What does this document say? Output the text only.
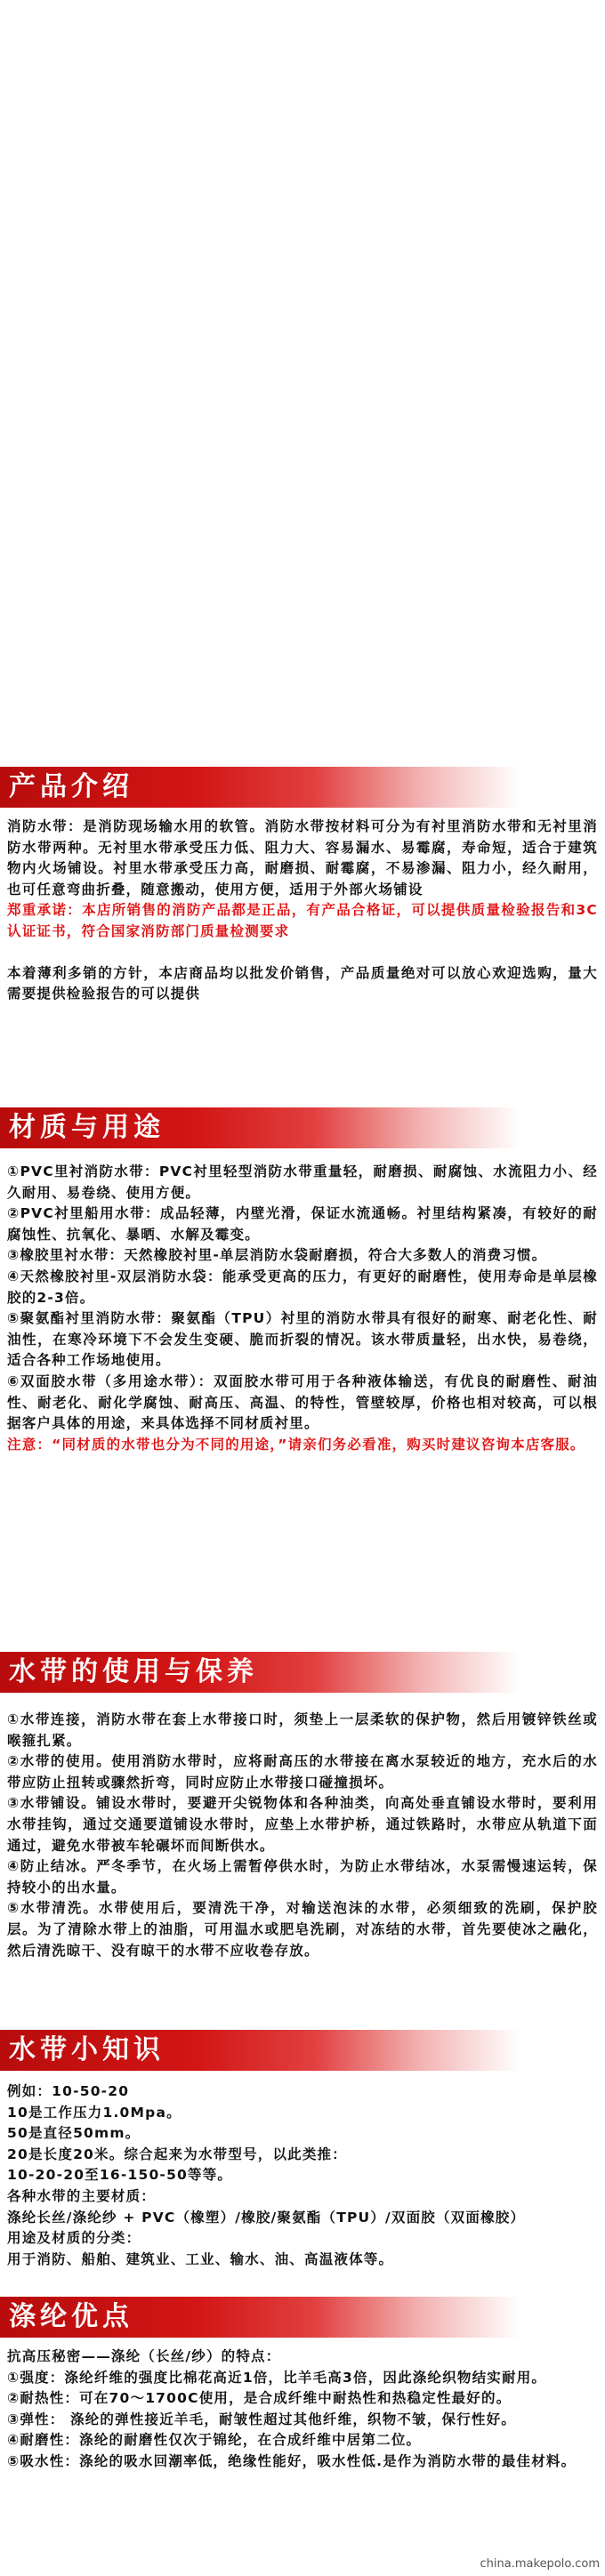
产品介绍
消防水带：是消防现场输水用的软管。消防水带按材料可分为有衬里消防水带和无衬里消防水带两种。无衬里水带承受压力低、阻力大、容易漏水、易霉腐，寿命短，适合于建筑物内火场铺设。衬里水带承受压力高，耐磨损、耐霉腐，不易渗漏、阻力小，经久耐用，也可任意弯曲折叠，随意搬动，使用方便，适用于外部火场铺设
郑重承诺：本店所销售的消防产品都是正品，有产品合格证，可以提供质量检验报告和3C认证证书，符合国家消防部门质量检测要求
本着薄利多销的方针，本店商品均以批发价销售，产品质量绝对可以放心欢迎选购，量大需要提供检验报告的可以提供
材质与用途
①PVC里衬消防水带：PVC衬里轻型消防水带重量轻，耐磨损、耐腐蚀、水流阻力小、经久耐用、易卷绕、使用方便。
②PVC衬里船用水带：成品轻薄，内壁光滑，保证水流通畅。衬里结构紧凑，有较好的耐腐蚀性、抗氧化、暴晒、水解及霉变。
③橡胶里衬水带：天然橡胶衬里-单层消防水袋耐磨损，符合大多数人的消费习惯。
④天然橡胶衬里-双层消防水袋：能承受更高的压力，有更好的耐磨性，使用寿命是单层橡胶的2-3倍。
⑤聚氨酯衬里消防水带：聚氨酯（TPU）衬里的消防水带具有很好的耐寒、耐老化性、耐油性，在寒冷环境下不会发生变硬、脆而折裂的情况。该水带质量轻，出水快，易卷绕，适合各种工作场地使用。
⑥双面胶水带（多用途水带）：双面胶水带可用于各种液体输送，有优良的耐磨性、耐油性、耐老化、耐化学腐蚀、耐高压、高温、的特性，管壁较厚，价格也相对较高，可以根据客户具体的用途，来具体选择不同材质衬里。
注意：“同材质的水带也分为不同的用途，”请亲们务必看准，购买时建议咨询本店客服。
水带的使用与保养
①水带连接，消防水带在套上水带接口时，须垫上一层柔软的保护物，然后用镀锌铁丝或喉箍扎紧。
②水带的使用。使用消防水带时，应将耐高压的水带接在离水泵较近的地方，充水后的水带应防止扭转或骤然折弯，同时应防止水带接口碰撞损坏。
③水带铺设。铺设水带时，要避开尖锐物体和各种油类，向高处垂直铺设水带时，要利用水带挂钩，通过交通要道铺设水带时，应垫上水带护桥，通过铁路时，水带应从轨道下面通过，避免水带被车轮碾坏而间断供水。
④防止结冰。严冬季节，在火场上需暂停供水时，为防止水带结冰，水泵需慢速运转，保持较小的出水量。
⑤水带清洗。水带使用后，要清洗干净，对输送泡沫的水带，必须细致的洗刷，保护胶层。为了清除水带上的油脂，可用温水或肥皂洗刷，对冻结的水带，首先要使冰之融化，然后清洗晾干、没有晾干的水带不应收卷存放。
水带小知识
例如：10-50-20
10是工作压力1.0Mpa。
50是直径50mm。
20是长度20米。综合起来为水带型号，以此类推：
10-20-20至16-150-50等等。
各种水带的主要材质：
涤纶长丝/涤纶纱 + PVC（橡塑）/橡胶/聚氨酯（TPU）/双面胶（双面橡胶）
用途及材质的分类：
用于消防、船舶、建筑业、工业、输水、油、高温液体等。
涤纶优点
抗高压秘密——涤纶（长丝/纱）的特点：
①强度：涤纶纤维的强度比棉花高近1倍，比羊毛高3倍，因此涤纶织物结实耐用。
②耐热性：可在70～1700C使用，是合成纤维中耐热性和热稳定性最好的。
③弹性： 涤纶的弹性接近羊毛，耐皱性超过其他纤维，织物不皱，保行性好。
④耐磨性：涤纶的耐磨性仅次于锦纶，在合成纤维中居第二位。
⑤吸水性：涤纶的吸水回潮率低，绝缘性能好，吸水性低.是作为消防水带的最佳材料。
china.makepolo.com
